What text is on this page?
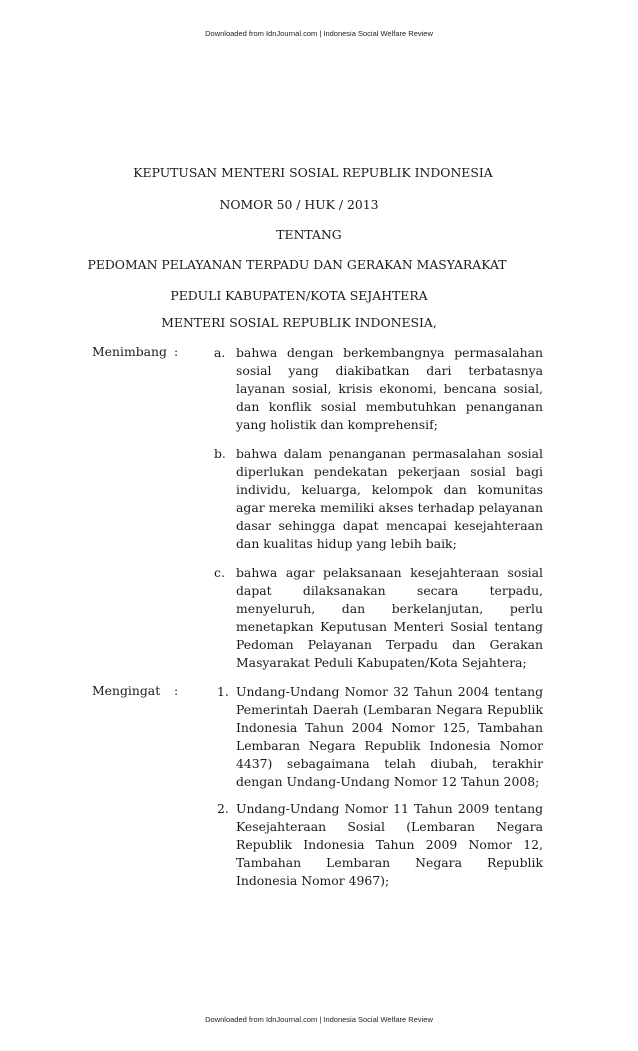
Downloaded from IdnJournal.com | Indonesia Social Welfare Review
KEPUTUSAN MENTERI SOSIAL REPUBLIK INDONESIA
NOMOR 50 / HUK / 2013
TENTANG
PEDOMAN PELAYANAN TERPADU DAN GERAKAN MASYARAKAT
PEDULI KABUPATEN/KOTA SEJAHTERA
MENTERI SOSIAL REPUBLIK INDONESIA,
Menimbang :	a. bahwa dengan berkembangnya permasalahan sosial yang diakibatkan dari terbatasnya layanan sosial, krisis ekonomi, bencana sosial, dan konflik sosial membutuhkan penanganan yang holistik dan komprehensif;
b. bahwa dalam penanganan permasalahan sosial diperlukan pendekatan pekerjaan sosial bagi individu, keluarga, kelompok dan komunitas agar mereka memiliki akses terhadap pelayanan dasar sehingga dapat mencapai kesejahteraan dan kualitas hidup yang lebih baik;
c. bahwa agar pelaksanaan kesejahteraan sosial dapat dilaksanakan secara terpadu, menyeluruh, dan berkelanjutan, perlu menetapkan Keputusan Menteri Sosial tentang Pedoman Pelayanan Terpadu dan Gerakan Masyarakat Peduli Kabupaten/Kota Sejahtera;
Mengingat :	1. Undang-Undang Nomor 32 Tahun 2004 tentang Pemerintah Daerah (Lembaran Negara Republik Indonesia Tahun 2004 Nomor 125, Tambahan Lembaran Negara Republik Indonesia Nomor 4437) sebagaimana telah diubah, terakhir dengan Undang-Undang Nomor 12 Tahun 2008;
2. Undang-Undang Nomor 11 Tahun 2009 tentang Kesejahteraan Sosial (Lembaran Negara Republik Indonesia Tahun 2009 Nomor 12, Tambahan Lembaran Negara Republik Indonesia Nomor 4967);
Downloaded from IdnJournal.com | Indonesia Social Welfare Review
